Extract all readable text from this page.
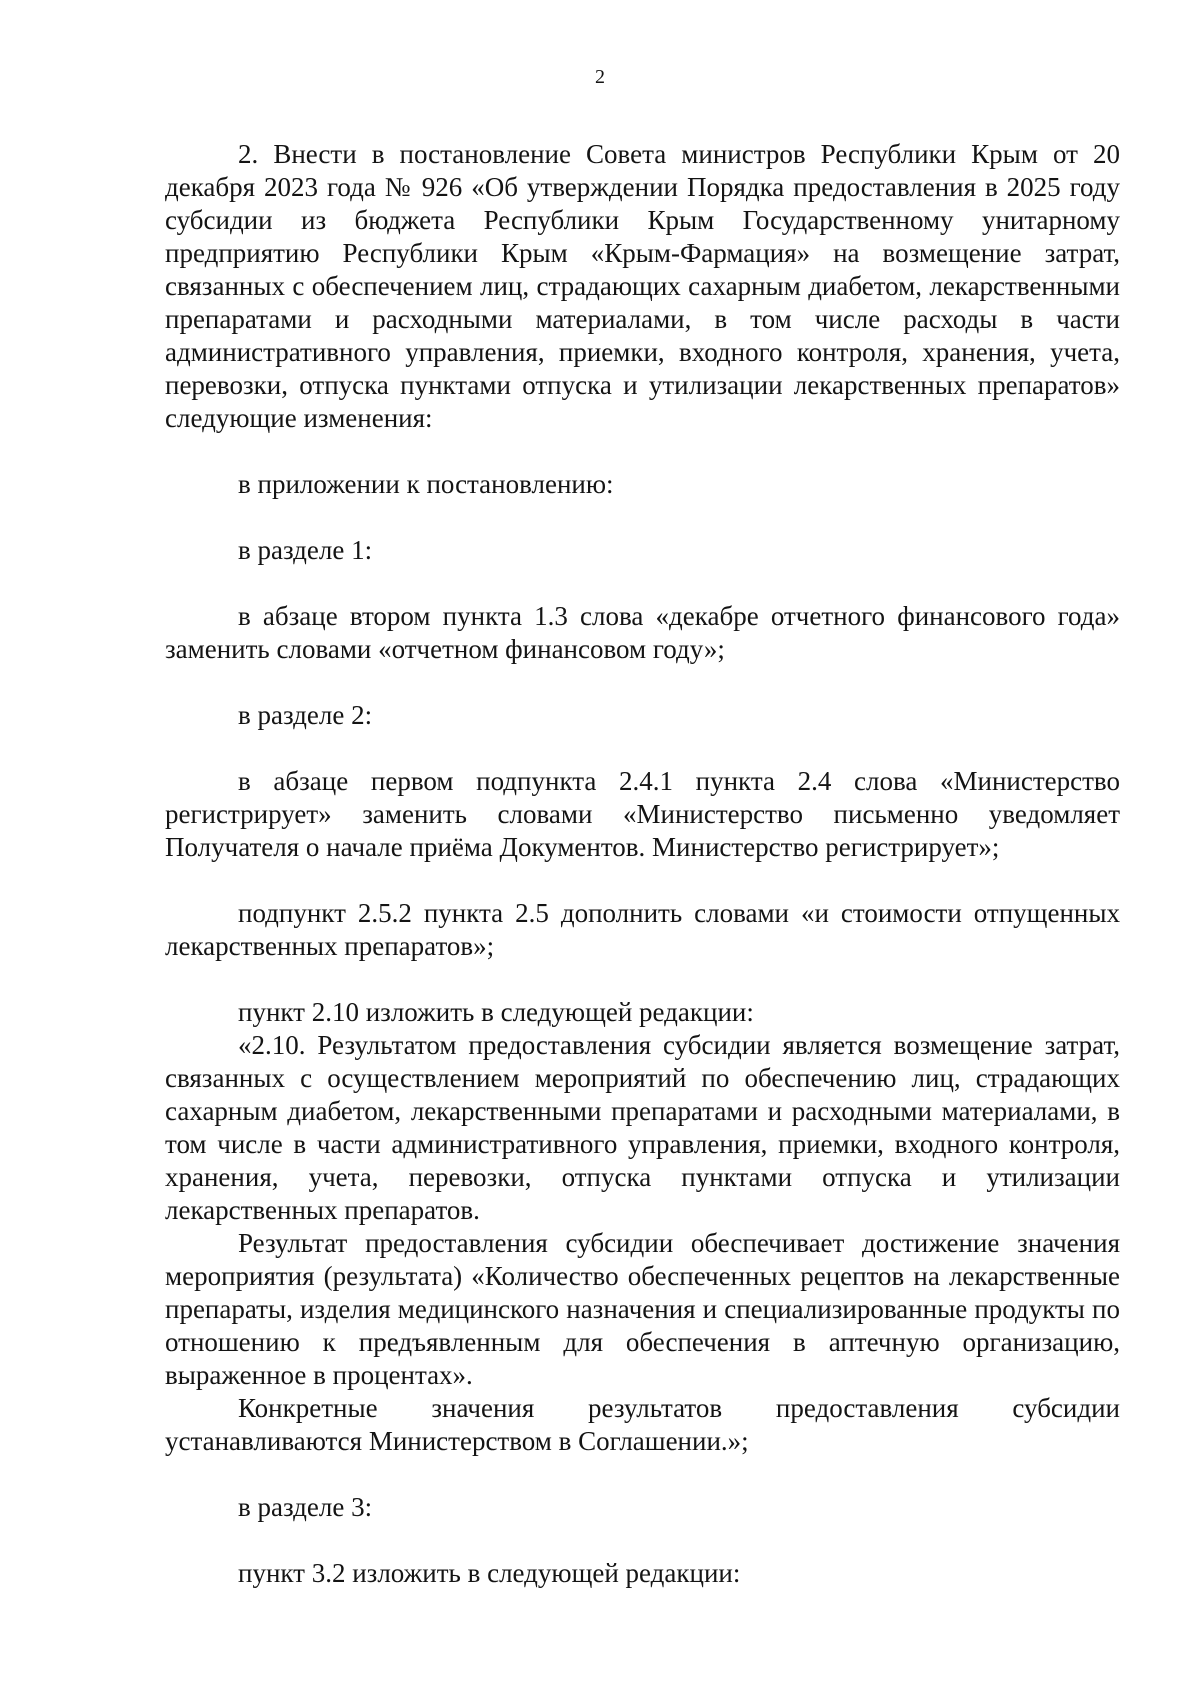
2

2. Внести в постановление Совета министров Республики Крым от 20 декабря 2023 года № 926 «Об утверждении Порядка предоставления в 2025 году субсидии из бюджета Республики Крым Государственному унитарному предприятию Республики Крым «Крым-Фармация» на возмещение затрат, связанных с обеспечением лиц, страдающих сахарным диабетом, лекарственными препаратами и расходными материалами, в том числе расходы в части административного управления, приемки, входного контроля, хранения, учета, перевозки, отпуска пунктами отпуска и утилизации лекарственных препаратов» следующие изменения:

в приложении к постановлению:

в разделе 1:

в абзаце втором пункта 1.3 слова «декабре отчетного финансового года» заменить словами «отчетном финансовом году»;

в разделе 2:

в абзаце первом подпункта 2.4.1 пункта 2.4 слова «Министерство регистрирует» заменить словами «Министерство письменно уведомляет Получателя о начале приёма Документов. Министерство регистрирует»;

подпункт 2.5.2 пункта 2.5 дополнить словами «и стоимости отпущенных лекарственных препаратов»;

пункт 2.10 изложить в следующей редакции:

«2.10. Результатом предоставления субсидии является возмещение затрат, связанных с осуществлением мероприятий по обеспечению лиц, страдающих сахарным диабетом, лекарственными препаратами и расходными материалами, в том числе в части административного управления, приемки, входного контроля, хранения, учета, перевозки, отпуска пунктами отпуска и утилизации лекарственных препаратов.

Результат предоставления субсидии обеспечивает достижение значения мероприятия (результата) «Количество обеспеченных рецептов на лекарственные препараты, изделия медицинского назначения и специализированные продукты по отношению к предъявленным для обеспечения в аптечную организацию, выраженное в процентах».

Конкретные значения результатов предоставления субсидии устанавливаются Министерством в Соглашении.»;

в разделе 3:

пункт 3.2 изложить в следующей редакции:
